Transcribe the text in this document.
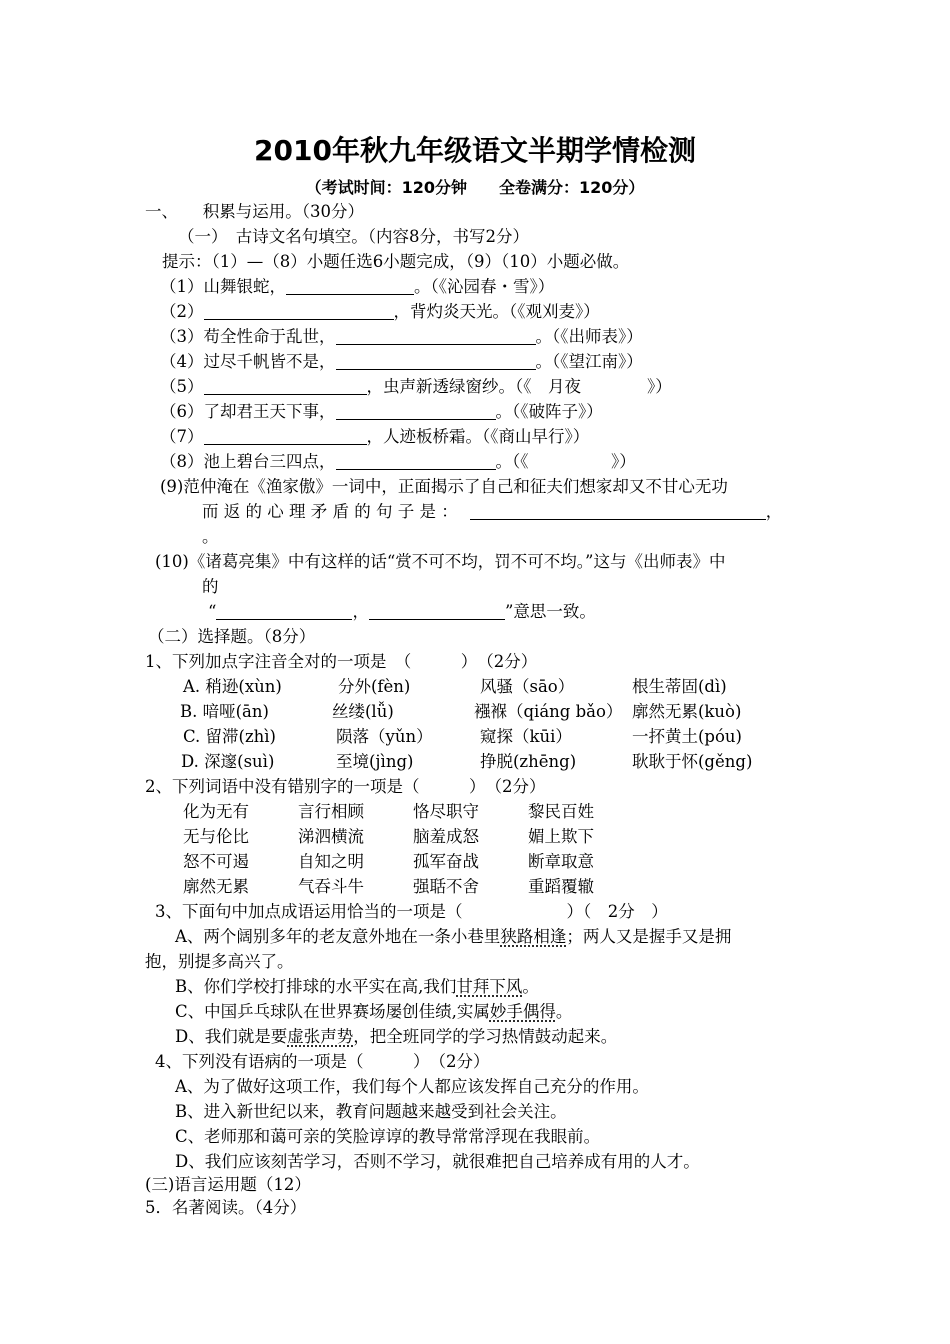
2010年秋九年级语文半期学情检测
（考试时间：120分钟　　全卷满分：120分）
一、　　积累与运用。（30分）
（一）　古诗文名句填空。（内容8分，书写2分）
提示：（1）—（8）小题任选6小题完成，（9）（10）小题必做。
（1）山舞银蛇，	。（《沁园春・雪》）
（2）	，背灼炎天光。（《观刈麦》）
（3）苟全性命于乱世，	。（《出师表》）
（4）过尽千帆皆不是，	。（《望江南》）
（5）	，虫声新透绿窗纱。（《　月夜　　　　》）
（6）了却君王天下事，	。（《破阵子》）
（7）	，人迹板桥霜。（《商山早行》）
（8）池上碧台三四点，	。（《　　　　　》）
(9)范仲淹在《渔家傲》一词中，正面揭示了自己和征夫们想家却又不甘心无功
而 返 的 心 理 矛 盾 的 句 子 是 ：	，
。
(10)《诸葛亮集》中有这样的话“赏不可不均，罚不可不均。”这与《出师表》中
的
“	，	”意思一致。
（二）选择题。（8分）
1、下列加点字注音全对的一项是　（　　　）　（2分）
A. 稍逊(xùn)	分外(fèn)	风骚（sāo）	根生蒂固(dì)
B. 喑哑(ān)	丝缕(lǚ)	襁褓（qiáng bǎo） 廓然无累(kuò)
C. 留滞(zhì)	陨落（yǔn）	窥探（kūi）	一抔黄土(póu)
D. 深邃(suì)	至境(jìng)	挣脱(zhēng)	耿耿于怀(gěng)
2、下列词语中没有错别字的一项是（　　　）　（2分）
化为无有	言行相顾	恪尽职守	黎民百姓
无与伦比	涕泗横流	脑羞成怒	媚上欺下
怒不可遏	自知之明	孤军奋战	断章取意
廓然无累	气吞斗牛	强聒不舍	重蹈覆辙
3、下面句中加点成语运用恰当的一项是（	）（　2分　）
A、两个阔别多年的老友意外地在一条小巷里狭路相逢；两人又是握手又是拥
抱，别提多高兴了。
B、你们学校打排球的水平实在高,我们甘拜下风。
C、中国乒乓球队在世界赛场屡创佳绩,实属妙手偶得。
D、我们就是要虚张声势，把全班同学的学习热情鼓动起来。
4、下列没有语病的一项是（　　　）　（2分）
A、为了做好这项工作，我们每个人都应该发挥自己充分的作用。
B、进入新世纪以来，教育问题越来越受到社会关注。
C、老师那和蔼可亲的笑脸谆谆的教导常常浮现在我眼前。
D、我们应该刻苦学习，否则不学习，就很难把自己培养成有用的人才。
(三)语言运用题（12）
5．名著阅读。（4分）
